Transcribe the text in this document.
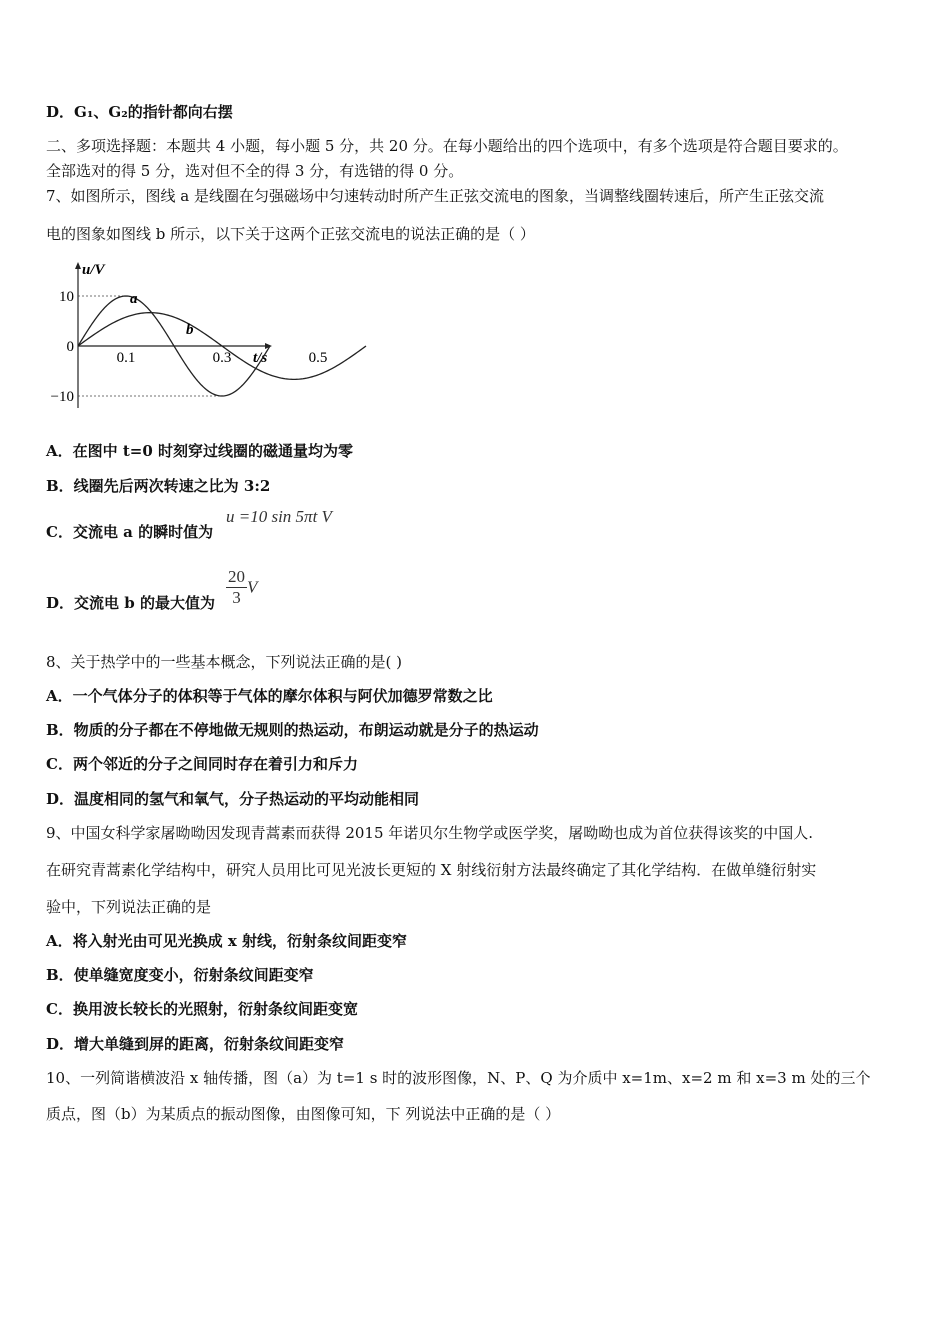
D．G₁、G₂的指针都向右摆
二、多项选择题：本题共 4 小题，每小题 5 分，共 20 分。在每小题给出的四个选项中，有多个选项是符合题目要求的。
全部选对的得 5 分，选对但不全的得 3 分，有选错的得 0 分。
7、如图所示，图线 a 是线圈在匀强磁场中匀速转动时所产生正弦交流电的图象，当调整线圈转速后，所产生正弦交流
电的图象如图线 b 所示，以下关于这两个正弦交流电的说法正确的是（ ）
u/V
t/s
10
0
−10
0.1	0.3	0.5
a
b
A．在图中 t=0 时刻穿过线圈的磁通量均为零
B．线圈先后两次转速之比为 3:2
C．交流电 a 的瞬时值为
u =10 sin 5πt V
D．交流电 b 的最大值为 $\frac{20}{3}$ V
8、关于热学中的一些基本概念，下列说法正确的是( )
A．一个气体分子的体积等于气体的摩尔体积与阿伏加德罗常数之比
B．物质的分子都在不停地做无规则的热运动，布朗运动就是分子的热运动
C．两个邻近的分子之间同时存在着引力和斥力
D．温度相同的氢气和氧气，分子热运动的平均动能相同
9、中国女科学家屠呦呦因发现青蒿素而获得 2015 年诺贝尔生物学或医学奖，屠呦呦也成为首位获得该奖的中国人.
在研究青蒿素化学结构中，研究人员用比可见光波长更短的 X 射线衍射方法最终确定了其化学结构．在做单缝衍射实
验中，下列说法正确的是
A．将入射光由可见光换成 x 射线，衍射条纹间距变窄
B．使单缝宽度变小，衍射条纹间距变窄
C．换用波长较长的光照射，衍射条纹间距变宽
D．增大单缝到屏的距离，衍射条纹间距变窄
10、一列简谐横波沿 x 轴传播，图（a）为 t=1 s 时的波形图像，N、P、Q 为介质中 x=1m、x=2 m 和 x=3 m 处的三个
质点，图（b）为某质点的振动图像，由图像可知，下 列说法中正确的是（ ）
